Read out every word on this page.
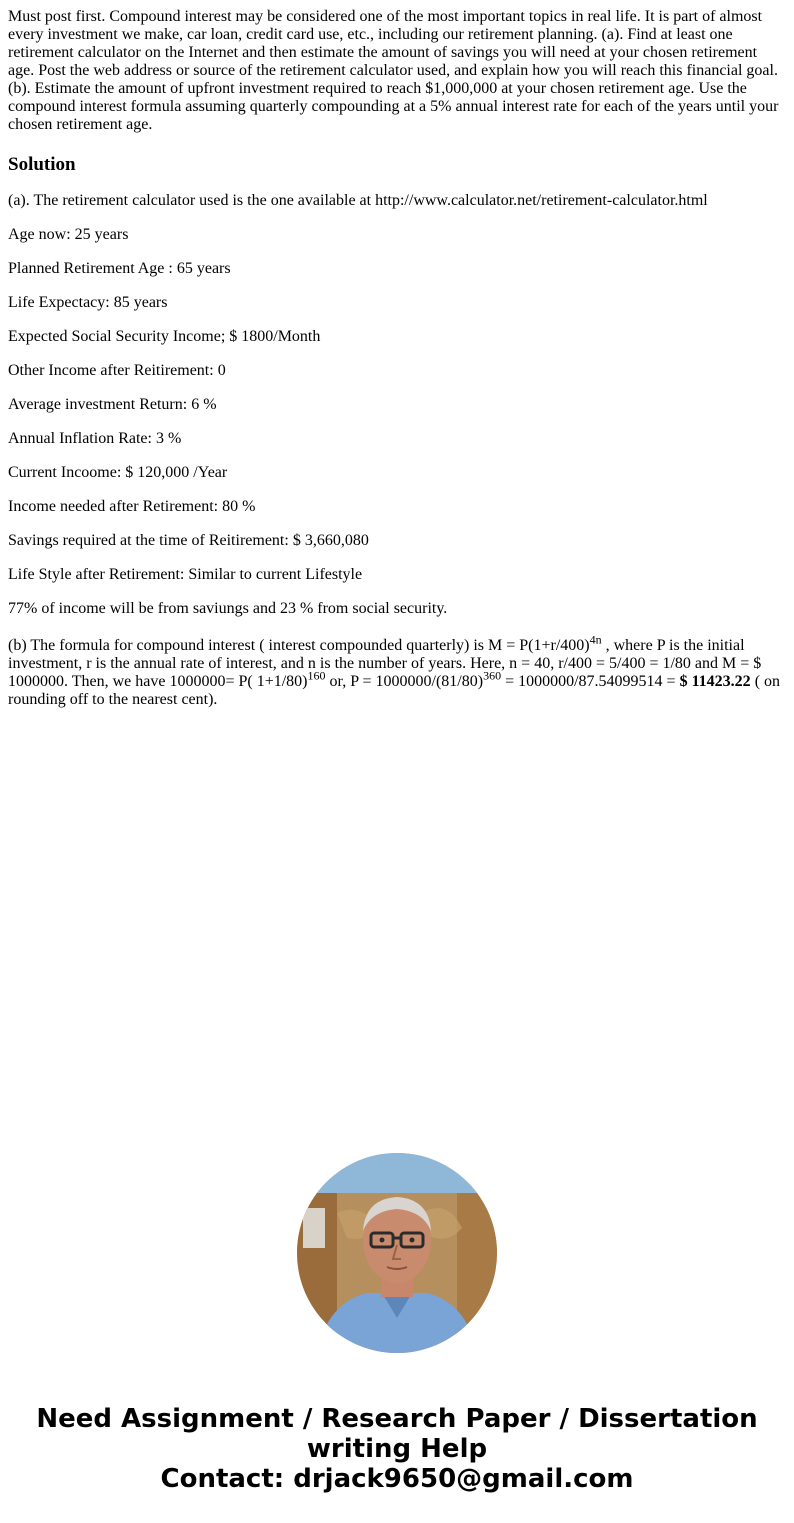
Must post first. Compound interest may be considered one of the most important topics in real life. It is part of almost every investment we make, car loan, credit card use, etc., including our retirement planning. (a). Find at least one retirement calculator on the Internet and then estimate the amount of savings you will need at your chosen retirement age. Post the web address or source of the retirement calculator used, and explain how you will reach this financial goal. (b). Estimate the amount of upfront investment required to reach $1,000,000 at your chosen retirement age. Use the compound interest formula assuming quarterly compounding at a 5% annual interest rate for each of the years until your chosen retirement age.

Solution

(a). The retirement calculator used is the one available at http://www.calculator.net/retirement-calculator.html

Age now: 25 years

Planned Retirement Age : 65 years

Life Expectacy: 85 years

Expected Social Security Income; $ 1800/Month

Other Income after Reitirement: 0

Average investment Return: 6 %

Annual Inflation Rate: 3 %

Current Incoome: $ 120,000 /Year

Income needed after Retirement: 80 %

Savings required at the time of Reitirement: $ 3,660,080

Life Style after Retirement: Similar to current Lifestyle

77% of income will be from saviungs and 23 % from social security.

(b) The formula for compound interest ( interest compounded quarterly) is $M = P(1+r/400)^{4n}$ , where P is the initial investment, r is the annual rate of interest, and n is the number of years. Here, n = 40, r/400 = 5/400 = 1/80 and M = $ 1000000. Then, we have 1000000= P( 1+1/80)$^{160}$ or, $P = 1000000/(81/80)^{360} = 1000000/87.54099514$ = $ 11423.22 ( on rounding off to the nearest cent).

Need Assignment / Research Paper / Dissertation
writing Help
Contact: drjack9650@gmail.com
